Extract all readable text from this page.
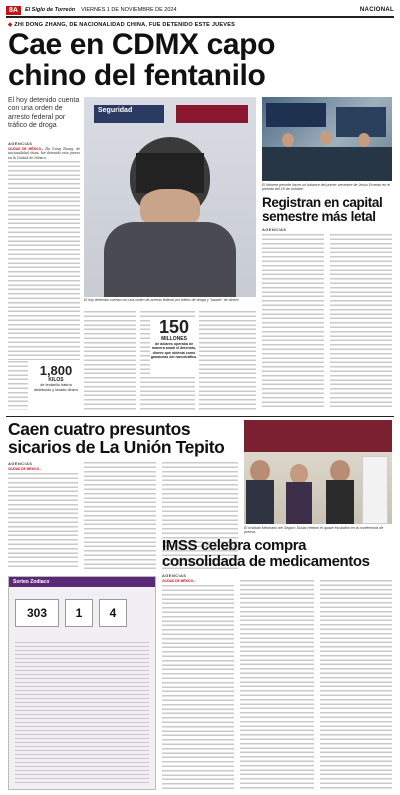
8A	El Siglo de Torreón VIERNES 1 DE NOVIEMBRE DE 2024	NACIONAL
◆ ZHI DONG ZHANG, DE NACIONALIDAD CHINA, FUE DETENIDO ESTE JUEVES
Cae en CDMX capo
chino del fentanilo
El hoy detenido cuenta con una orden de arresto federal por tráfico de droga
AGENCIAS
CIUDAD DE MÉXICO.- Zhi Dong Zhang, de nacionalidad china, fue detenido este jueves en la Ciudad de México.
Seguridad
El hoy detenido cuenta con una orden de arresto federal por tráfico de droga y "lavado" de dinero
1,800
KILOS
de fentanilo habría distribuido y lavado dinero
150
MILLONES
de dólares operaba de manera anual el detenido, dinero que obtenía como ganancias del narcotráfico.
El informe permite hacer un balance del primer semestre de Jesús Ernesto en el periodo del 16 de octubre.
Registran en capital
semestre más letal
AGENCIAS
Caen cuatro presuntos
sicarios de La Unión Tepito
AGENCIAS
CIUDAD DE MÉXICO.-
El Instituto Mexicano del Seguro Social celebró el ajuste escalafón en la conferencia de prensa.
IMSS celebra compra
consolidada de medicamentos
AGENCIAS
CIUDAD DE MÉXICO.-
Sorteo Zodiaco
303	1	4
